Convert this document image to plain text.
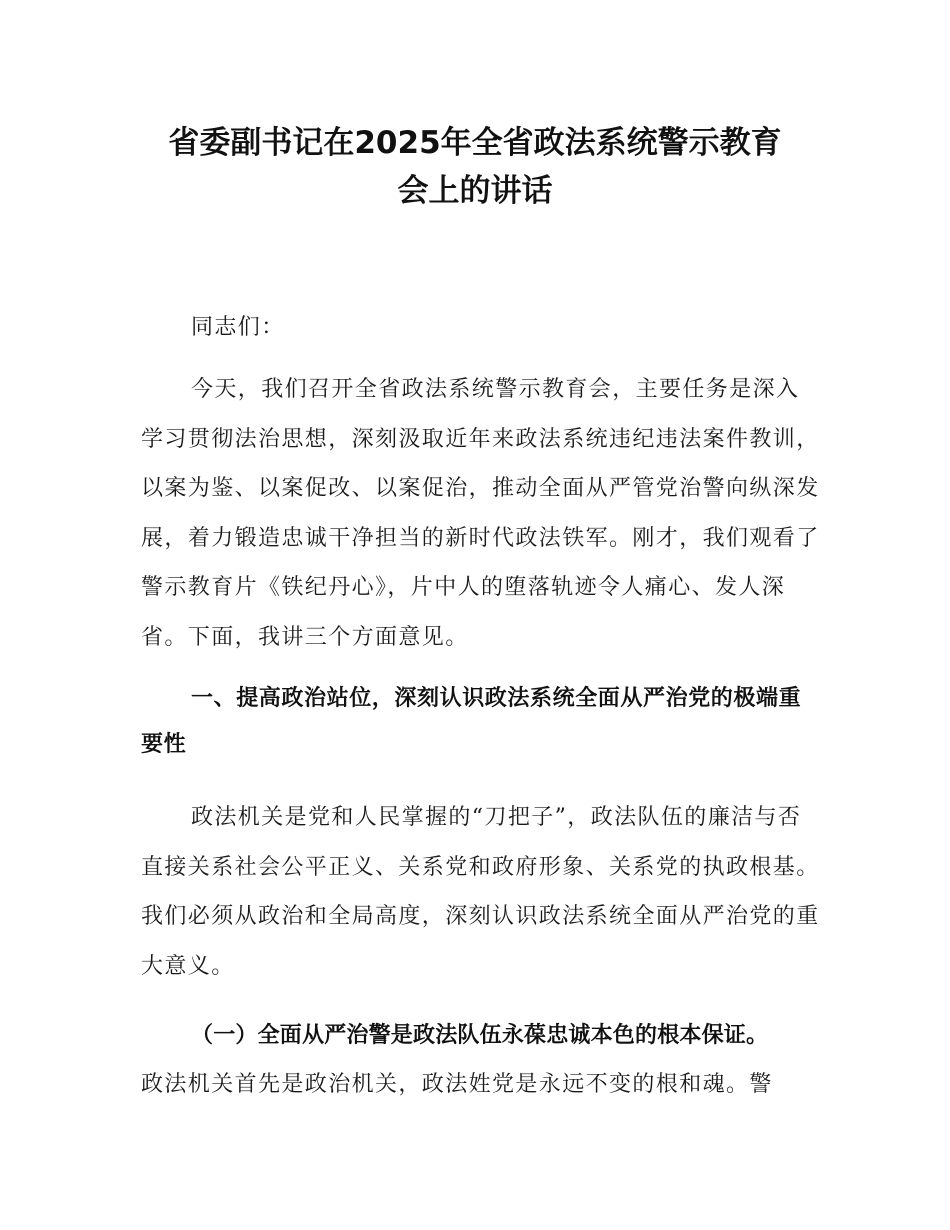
省委副书记在2025年全省政法系统警示教育
会上的讲话

同志们：

今天，我们召开全省政法系统警示教育会，主要任务是深入学习贯彻法治思想，深刻汲取近年来政法系统违纪违法案件教训，以案为鉴、以案促改、以案促治，推动全面从严管党治警向纵深发展，着力锻造忠诚干净担当的新时代政法铁军。刚才，我们观看了警示教育片《铁纪丹心》，片中人的堕落轨迹令人痛心、发人深省。下面，我讲三个方面意见。

一、提高政治站位，深刻认识政法系统全面从严治党的极端重要性

政法机关是党和人民掌握的“刀把子”，政法队伍的廉洁与否直接关系社会公平正义、关系党和政府形象、关系党的执政根基。我们必须从政治和全局高度，深刻认识政法系统全面从严治党的重大意义。

（一）全面从严治警是政法队伍永葆忠诚本色的根本保证。

政法机关首先是政治机关，政法姓党是永远不变的根和魂。警
